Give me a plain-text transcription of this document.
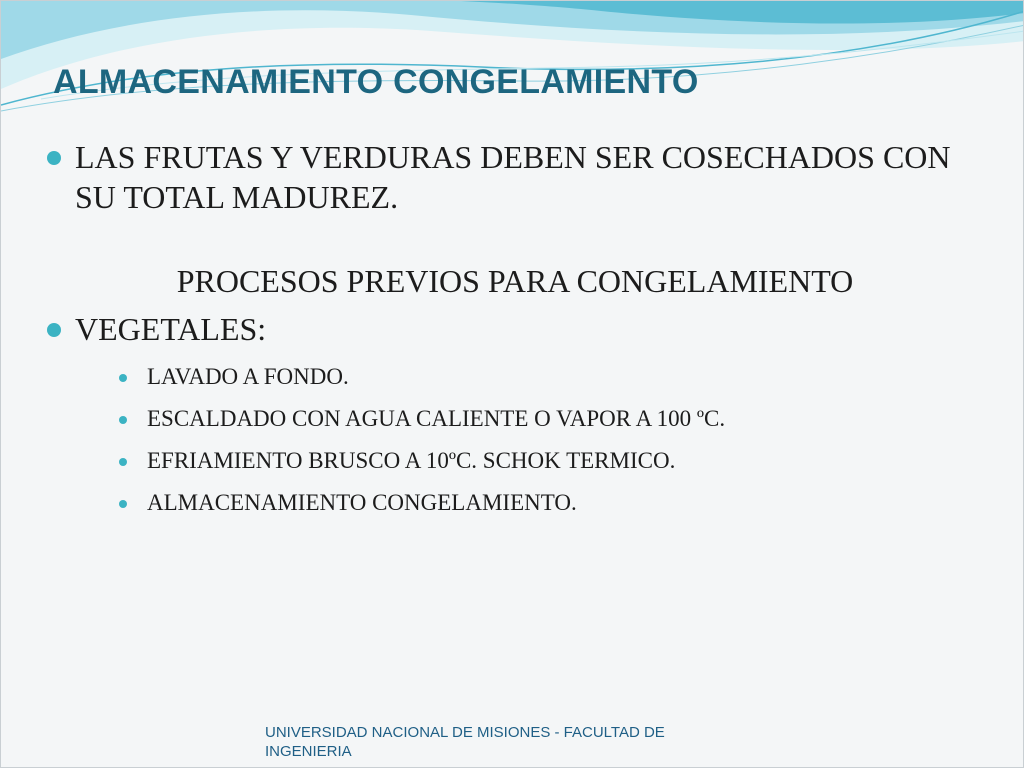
ALMACENAMIENTO CONGELAMIENTO
LAS FRUTAS Y VERDURAS DEBEN SER COSECHADOS CON SU TOTAL MADUREZ.
PROCESOS PREVIOS PARA CONGELAMIENTO
VEGETALES:
LAVADO A FONDO.
ESCALDADO CON AGUA CALIENTE O VAPOR A 100 ºC.
EFRIAMIENTO BRUSCO A 10ºC. SCHOK TERMICO.
ALMACENAMIENTO CONGELAMIENTO.
UNIVERSIDAD NACIONAL DE MISIONES - FACULTAD DE INGENIERIA
